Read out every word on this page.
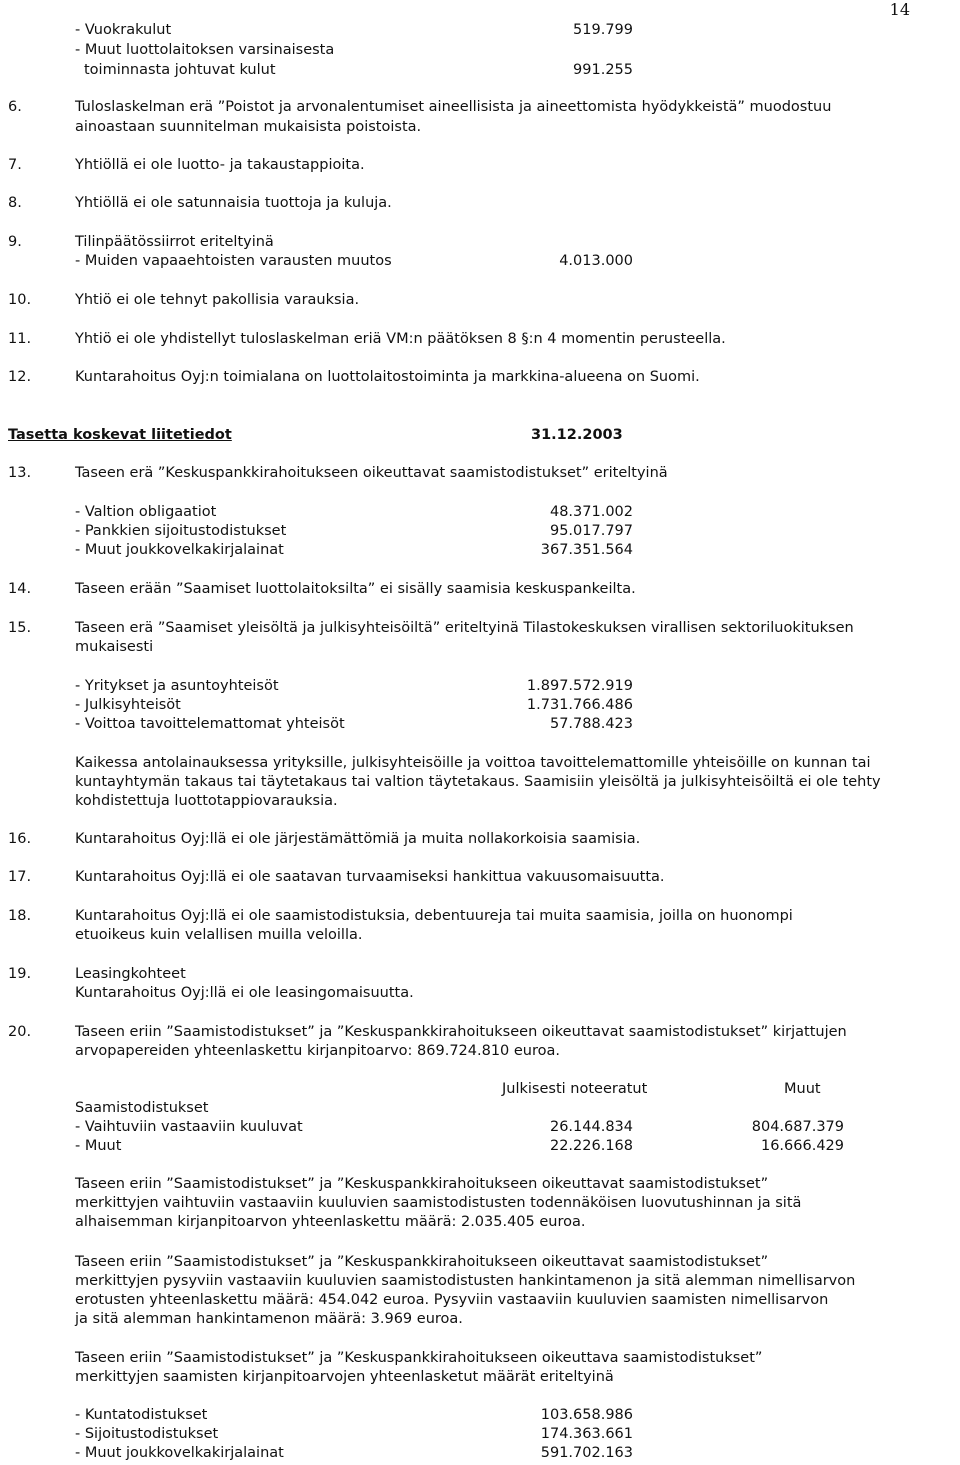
14
- Vuokrakulut	519.799
- Muut luottolaitoksen varsinaisesta
toiminnasta johtuvat kulut	991.255
6.	Tuloslaskelman erä ”Poistot ja arvonalentumiset aineellisista ja aineettomista hyödykkeistä” muodostuu
ainoastaan suunnitelman mukaisista poistoista.
7.	Yhtiöllä ei ole luotto- ja takaustappioita.
8.	Yhtiöllä ei ole satunnaisia tuottoja ja kuluja.
9.	Tilinpäätössiirrot eriteltyinä
- Muiden vapaaehtoisten varausten muutos	4.013.000
10.	Yhtiö ei ole tehnyt pakollisia varauksia.
11.	Yhtiö ei ole yhdistellyt tuloslaskelman eriä VM:n päätöksen 8 §:n 4 momentin perusteella.
12.	Kuntarahoitus Oyj:n toimialana on luottolaitostoiminta ja markkina-alueena on Suomi.
Tasetta koskevat liitetiedot	31.12.2003
13.	Taseen erä ”Keskuspankkirahoitukseen oikeuttavat saamistodistukset” eriteltyinä
- Valtion obligaatiot	48.371.002
- Pankkien sijoitustodistukset	95.017.797
- Muut joukkovelkakirjalainat	367.351.564
14.	Taseen erään ”Saamiset luottolaitoksilta” ei sisälly saamisia keskuspankeilta.
15.	Taseen erä ”Saamiset yleisöltä ja julkisyhteisöiltä” eriteltyinä Tilastokeskuksen virallisen sektoriluokituksen
mukaisesti
- Yritykset ja asuntoyhteisöt	1.897.572.919
- Julkisyhteisöt	1.731.766.486
- Voittoa tavoittelemattomat yhteisöt	57.788.423
Kaikessa antolainauksessa yrityksille, julkisyhteisöille ja voittoa tavoittelemattomille yhteisöille on kunnan tai
kuntayhtymän takaus tai täytetakaus tai valtion täytetakaus. Saamisiin yleisöltä ja julkisyhteisöiltä ei ole tehty
kohdistettuja luottotappiovarauksia.
16.	Kuntarahoitus Oyj:llä ei ole järjestämättömiä ja muita nollakorkoisia saamisia.
17.	Kuntarahoitus Oyj:llä ei ole saatavan turvaamiseksi hankittua vakuusomaisuutta.
18.	Kuntarahoitus Oyj:llä ei ole saamistodistuksia, debentuureja tai muita saamisia, joilla on huonompi
etuoikeus kuin velallisen muilla veloilla.
19.	Leasingkohteet
Kuntarahoitus Oyj:llä ei ole leasingomaisuutta.
20.	Taseen eriin ”Saamistodistukset” ja ”Keskuspankkirahoitukseen oikeuttavat saamistodistukset” kirjattujen
arvopapereiden yhteenlaskettu kirjanpitoarvo: 869.724.810 euroa.
Julkisesti noteeratut	Muut
Saamistodistukset
- Vaihtuviin vastaaviin kuuluvat	26.144.834	804.687.379
- Muut	22.226.168	16.666.429
Taseen eriin ”Saamistodistukset” ja ”Keskuspankkirahoitukseen oikeuttavat saamistodistukset”
merkittyjen vaihtuviin vastaaviin kuuluvien saamistodistusten todennäköisen luovutushinnan ja sitä
alhaisemman kirjanpitoarvon yhteenlaskettu määrä: 2.035.405 euroa.
Taseen eriin ”Saamistodistukset” ja ”Keskuspankkirahoitukseen oikeuttavat saamistodistukset”
merkittyjen pysyviin vastaaviin kuuluvien saamistodistusten hankintamenon ja sitä alemman nimellisarvon
erotusten yhteenlaskettu määrä: 454.042 euroa. Pysyviin vastaaviin kuuluvien saamisten nimellisarvon
ja sitä alemman hankintamenon määrä: 3.969 euroa.
Taseen eriin ”Saamistodistukset” ja ”Keskuspankkirahoitukseen oikeuttava saamistodistukset”
merkittyjen saamisten kirjanpitoarvojen yhteenlasketut määrät eriteltyinä
- Kuntatodistukset	103.658.986
- Sijoitustodistukset	174.363.661
- Muut joukkovelkakirjalainat	591.702.163
